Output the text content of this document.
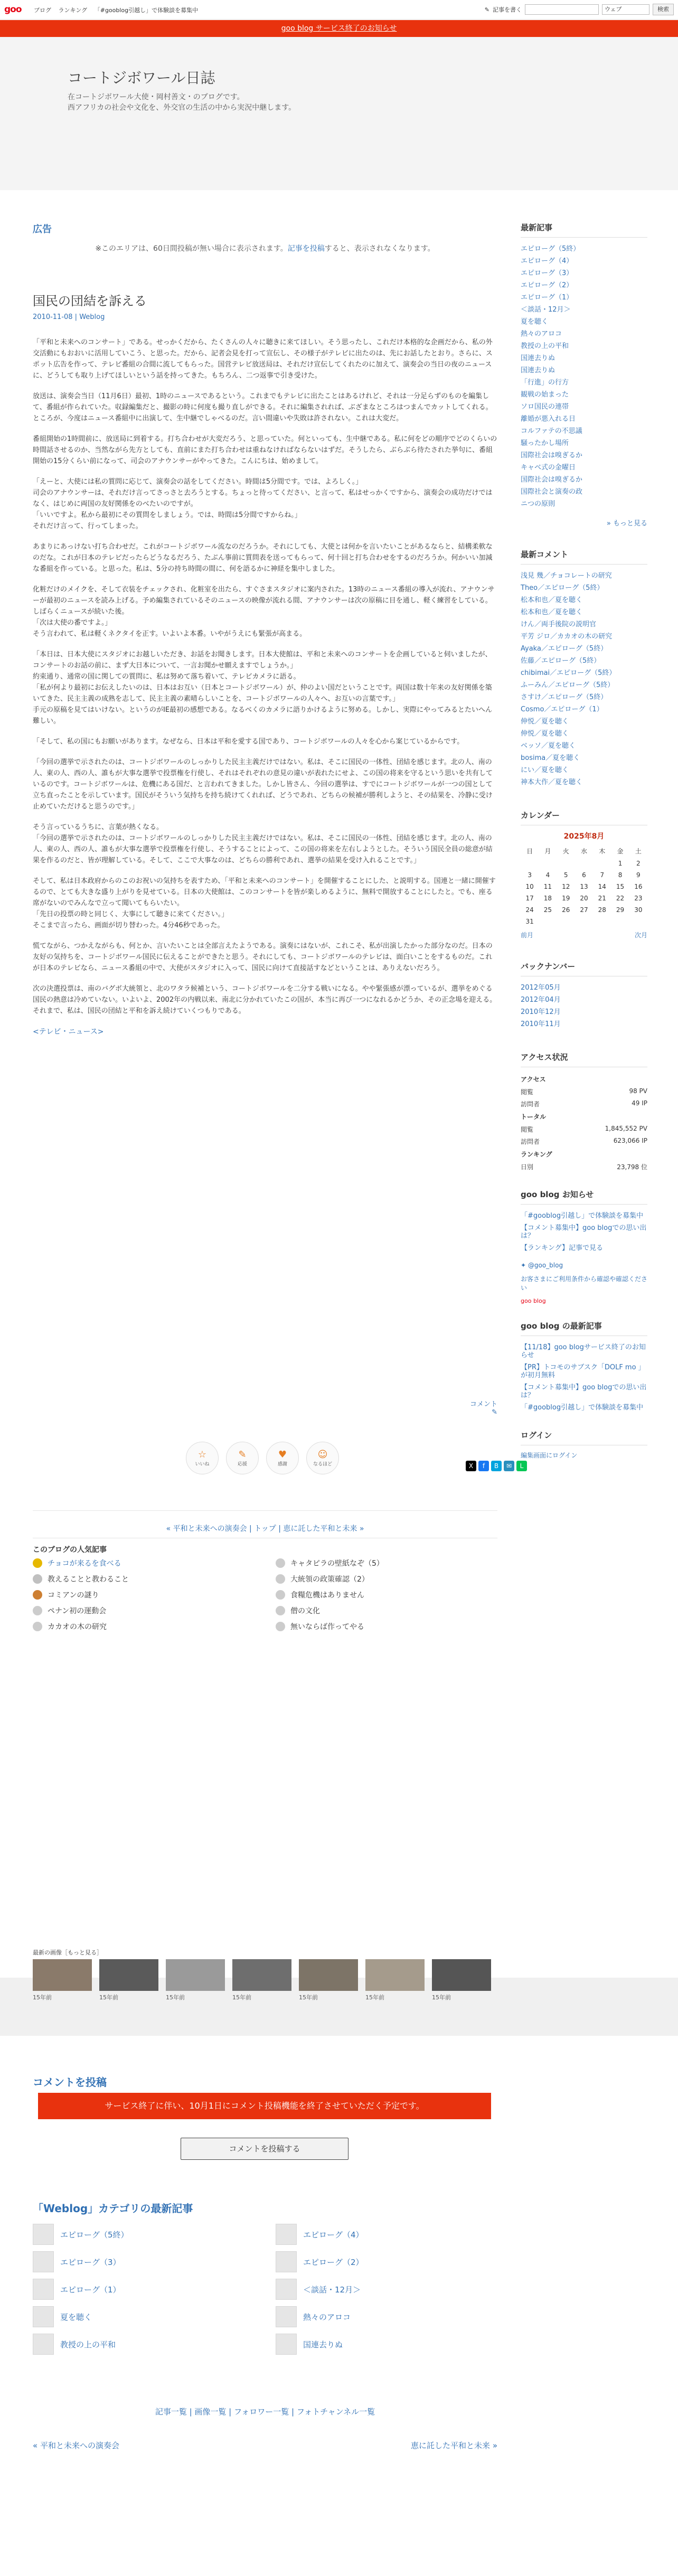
goo ブログ ランキング 「#gooblog引越し」で体験談を募集中	✎ 記事を書く	ウェブ	検索
goo blog サービス終了のお知らせ
コートジボワール日誌
在コートジボワール大使・岡村善文・のブログです。
西アフリカの社会や文化を、外交官の生活の中から実況中継します。
広告
※このエリアは、60日間投稿が無い場合に表示されます。記事を投稿すると、表示されなくなります。
国民の団結を訴える
2010-11-08 | Weblog

「平和と未来へのコンサート」である。せっかくだから、たくさんの人々に聴きに来てほしい。そう思ったし、これだけ本格的な企画だから、私の外交活動にもおおいに活用していこう、と思った。だから、記者会見を打って宣伝し、その様子がテレビに出たのは、先にお話したとおり。さらに、スポット広告を作って、テレビ番組の合間に流してもらった。国営テレビ放送局は、それだけ宣伝してくれたのに加えて、演奏会の当日の夜のニュースに、どうしても取り上げてほしいという話を持ってきた。もちろん、二つ返事で引き受けた。

放送は、演奏会当日（11月6日）最初、1時のニュースであるという。これまでもテレビに出たことはあるけれど、それは一分足らずのものを編集して、番組が作られていた。収録編集だと、撮影の時に何度も撮り直しができる。それに編集されれば、ぶざまなところはつまんでカットしてくれる。ところが、今度はニュース番組中に出演して、生中継でしゃべるのだ。言い間違いや失敗は許されない。これは大変だ。

番組開始の1時間前に、放送局に到着する。打ち合わせが大変だろう、と思っていた。何といっても、生中継である。私に何をどの順序でどのくらいの時間話させるのか、当然ながら先方としても、直前にまた打ち合わせは重ねなければならないはずだ。そうしたら、ぶらぶら待たされた挙句に、番組開始の15分くらい前になって、司会のアナウンサーがやってきた。こんにちは、始めまして。

「えーと、大使には私の質問に応じて、演奏会の話をしてください。時間は5分間です。では、よろしく。」
司会のアナウンサーは、それだけ言ってさっさと去ろうとする。ちょっと待ってください、と言って、私はせっかくですから、演奏会の成功だけではなく、はじめに両国の友好関係をのべたいのですが。
「いいですよ。私から最初にその質問をしましょう。では、時間は5分間ですからね。」
それだけ言って、行ってしまった。

あまりにあっけない打ち合わせだ。これがコートジボワール流なのだろうか。それにしても、大使とは何かを言いたいことがあるならと、結構柔軟なのだな。これが日本のテレビだったらどうなるだろう、たぶん事前に質問表を送ってもらって、何十回と打ち合わせをするのだろうか。何かいい加減な番組を作っている。と思った。私は、5分の持ち時間の間に、何を語るかに神経を集中しました。

化粧だけのメイクを、そして衣装をチェックされ、化粧室を出たら、すぐさまスタジオに案内された。13時のニュース番組の導入が流れ、アナウンサーが最初のニュースを読み上げる。予め編集されているそのニュースの映像が流れる間、アナウンサーは次の原稿に目を通し、軽く練習をしている。しばらくニュースが続いた後。
「次は大使の番ですよ。」
そう言われて、私は軽くネクタイを正す。いよいよ本番。いやがうえにも緊張が高まる。

「本日は、日本大使にスタジオにお越しいただき、お話をお聞きします。日本大使館は、平和と未来へのコンサートを企画していると伺いましたが、コンサートのお話の前に、まず大日本について、一言お聞かせ願えますでしょうか。」
約束通り、通常の国に関しての質問に、私は努めて落ち着いて、テレビカメラに語る。
「私が何より最初にお伝えしたいのは、日本はお互い（日本とコートジボワール）が、仲のよい国だということです。両国は数十年来の友好関係を築いてきた、民主主義の成熟を志して、民主主義の素晴らしいことを、コートジボワールの人々へ、お互いの言葉です。」
手元の原稿を見てはいけない。というのがIE最初の感想である。なるべくのカメラに語りかけるように努める。しかし、実際にやってみるとたいへん難しい。

「そして、私の国にもお願いがあります。なぜなら、日本は平和を愛する国であり、コートジボワールの人々を心から案じているからです。

「今回の選挙で示されたのは、コートジボワールのしっかりした民主主義だけではない。私は、そこに国民の一体性、団結を感じます。北の人、南の人、東の人、西の人、誰もが大事な選挙で投票権を行使し、それはそれぞれの意見の違いが表れたにせよ、この国の将来を守るという思いを共有しているのです。コートジボワールは、危機にある国だ、と言われてきました。しかし皆さん、今回の選挙は、すでにコートジボワールが一つの国として立ち直ったことを示しています。国民がそういう気持ちを持ち続けてくれれば、どうであれ、どちらの候補が勝利しようと、その結果を、冷静に受け止めていただけると思うのです。」

そう言っているうちに、言葉が熱くなる。
「今回の選挙で示されたのは、コートジボワールのしっかりした民主主義だけではない。私は、そこに国民の一体性、団結を感じます。北の人、南の人、東の人、西の人、誰もが大事な選挙で投票権を行使し、そうすることによって、この国の将来を左右しようとした。そういう国民全員の総意が結果を作るのだと、皆が理解している。そして、ここで大事なのは、どちらの勝利であれ、選挙の結果を受け入れることです。」

そして、私は日本政府からのこのお祝いの気持ちを表すため、「平和と未来へのコンサート」を開催することにした、と説明する。国連と一緒に開催するので、とても大きな盛り上がりを見せている。日本の大使館は、このコンサートを皆が楽しめるように、無料で開放することにしたと。でも、座る席がないのでみんなで立って聞いてもらいたい。
「先日の投票の時と同じく、大事にして聴きに来てください。」
そこまで言ったら、画面が切り替わった。4分46秒であった。

慌てながら、つかえながらも、何とか、言いたいことは全部言えたようである。演奏にはないが、これこそ、私が出演したかった部分なのだ。日本の友好の気持ちを、コートジボワール国民に伝えることができたと思う。それにしても、コートジボワールのテレビは、面白いことをするものだ。これが日本のテレビなら、ニュース番組の中で、大使がスタジオに入って、国民に向けて直接話すなどということは、ありえないだろう。

次の決選投票は、南のバグボ大統領と、北のワタラ候補という、コートジボワールを二分する戦いになる。やや緊張感が漂っているが、選挙をめぐる国民の熱意は冷めていない。いよいよ、2002年の内戦以来、南北に分かれていたこの国が、本当に再び一つになれるかどうか、その正念場を迎える。それまで、私は、国民の団結と平和を訴え続けていくつもりである。

<テレビ・ニュース>
コメント
✎
☆
いいね
✎
応援
♥
感謝
☺
なるほど	X	f	B	✉	L
« 平和と未来への演奏会 | トップ | 恵に託した平和と未来 »
このブログの人気記事
チョコが来るを食べる	キャタピラの壁紙なぞ（5）
教えることと教わること	大統領の政策確認（2）
コミアンの謎り	食糧危機はありません
ペナン初の運動会	僧の文化
カカオの木の研究	無いならば作ってやる
最新の画像［もっと見る］
15年前	15年前	15年前	15年前	15年前	15年前	15年前
コメントを投稿
サービス終了に伴い、10月1日にコメント投稿機能を終了させていただく予定です。
コメントを投稿する
「Weblog」カテゴリの最新記事
エピローグ（5終）	エピローグ（4）
エピローグ（3）	エピローグ（2）
エピローグ（1）	＜談話・12月＞
夏を聴く	熱々のアロコ
教授の上の平和	国連去りぬ
記事一覧 | 画像一覧 | フォロワー一覧 | フォトチャンネル一覧
« 平和と未来への演奏会	恵に託した平和と未来 »
最新記事
エピローグ（5終）
エピローグ（4）
エピローグ（3）
エピローグ（2）
エピローグ（1）
＜談話・12月＞
夏を聴く
熱々のアロコ
教授の上の平和
国連去りぬ
国連去りぬ
「行進」の行方
観戦の始まった
ソロ国民の連帯
離婚が悪入れる日
コルファテの不思議
騒ったかし場所
国際社会は嗅ぎるか
キャベ式の金曜日
国際社会は嗅ぎるか
国際社会と演奏の政
ニつの原則
» もっと見る
最新コメント
浅見 幾／チョコレートの研究
Theo／エピローグ（5終）
松本和也／夏を聴く
松本和也／夏を聴く
けん／両手後院の説明官
平芳 ジロ／カカオの木の研究
Ayaka／エピローグ（5終）
佐藤／エピローグ（5終）
chibimai／エピローグ（5終）
ふーみん／エピローグ（5終）
さすけ／エピローグ（5終）
Cosmo／エピローグ（1）
伸悦／夏を聴く
伸悦／夏を聴く
ベッソ／夏を聴く
bosima／夏を聴く
にい／夏を聴く
神本大作／夏を聴く
カレンダー
2025年8月
日	月	火	水	木	金	土
					1	2
3	4	5	6	7	8	9
10	11	12	13	14	15	16
17	18	19	20	21	22	23
24	25	26	27	28	29	30
31						
前月	次月
バックナンバー
2012年05月
2012年04月
2010年12月
2010年11月
アクセス状況
アクセス
閲覧	98 PV
訪問者	49 IP
トータル
閲覧	1,845,552 PV
訪問者	623,066 IP
ランキング
日別	23,798 位
goo blog お知らせ
「#gooblog引越し」で体験談を募集中
【コメント募集中】goo blogでの思い出は？
【ランキング】記事で見る
✦ @goo_blog
お客さまにご利用条件から確認や確認ください
goo blog
goo blog の最新記事
【11/18】goo blogサービス終了のお知らせ
【PR】トコモのサブスク「DOLF mo 」が初月無料
【コメント募集中】goo blogでの思い出は？
「#gooblog引越し」で体験談を募集中
ログイン
編集画面にログイン
